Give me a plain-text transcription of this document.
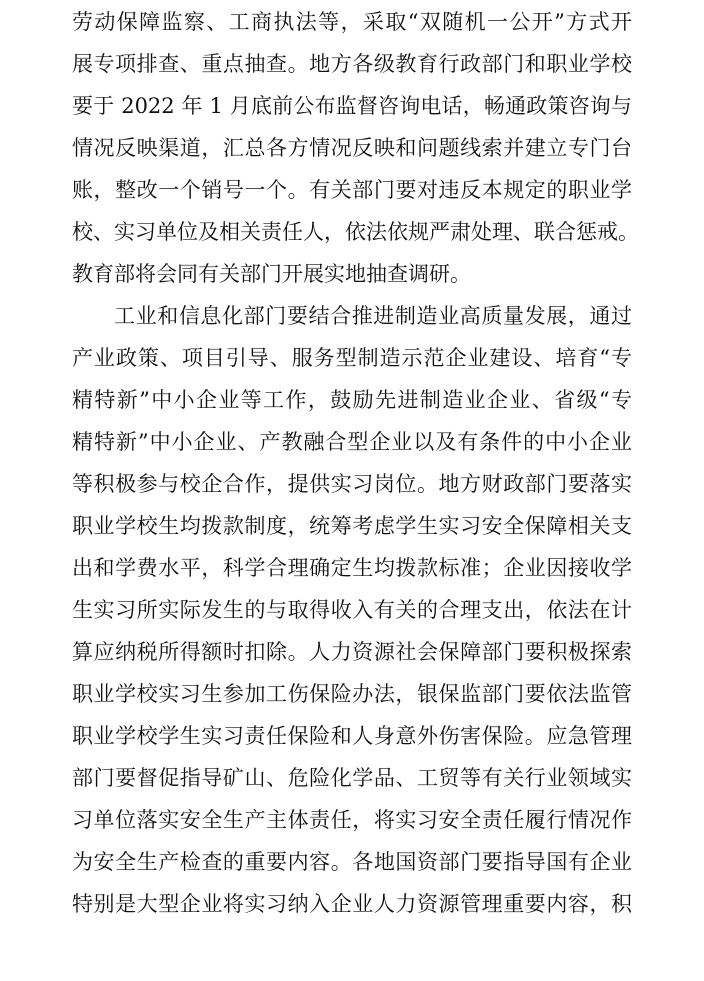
劳动保障监察、工商执法等，采取“双随机一公开”方式开
展专项排查、重点抽查。地方各级教育行政部门和职业学校
要于 2022 年 1 月底前公布监督咨询电话，畅通政策咨询与
情况反映渠道，汇总各方情况反映和问题线索并建立专门台
账，整改一个销号一个。有关部门要对违反本规定的职业学
校、实习单位及相关责任人，依法依规严肃处理、联合惩戒。
教育部将会同有关部门开展实地抽查调研。
工业和信息化部门要结合推进制造业高质量发展，通过
产业政策、项目引导、服务型制造示范企业建设、培育“专
精特新”中小企业等工作，鼓励先进制造业企业、省级“专
精特新”中小企业、产教融合型企业以及有条件的中小企业
等积极参与校企合作，提供实习岗位。地方财政部门要落实
职业学校生均拨款制度，统筹考虑学生实习安全保障相关支
出和学费水平，科学合理确定生均拨款标准；企业因接收学
生实习所实际发生的与取得收入有关的合理支出，依法在计
算应纳税所得额时扣除。人力资源社会保障部门要积极探索
职业学校实习生参加工伤保险办法，银保监部门要依法监管
职业学校学生实习责任保险和人身意外伤害保险。应急管理
部门要督促指导矿山、危险化学品、工贸等有关行业领域实
习单位落实安全生产主体责任，将实习安全责任履行情况作
为安全生产检查的重要内容。各地国资部门要指导国有企业
特别是大型企业将实习纳入企业人力资源管理重要内容，积
